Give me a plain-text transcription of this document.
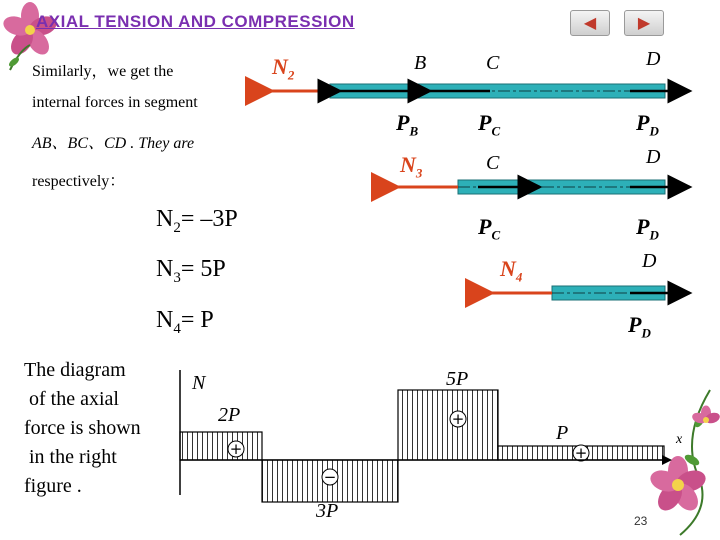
AXIAL TENSION AND COMPRESSION	◀	▶
Similarly，we get the
internal forces in segment
AB、BC、CD . They are
respectively：
$N_2= -3P$
$N_3= 5P$
$N_4= P$
$N_2$
B	C	D
$P_B$	$P_C$	$P_D$
$N_3$	C	D
$P_C$	$P_D$
$N_4$
D
$P_D$
The diagram
of the axial
force is shown
in the right
figure .
+
−
+
+
N
x
2P
3P
5P
P
23
